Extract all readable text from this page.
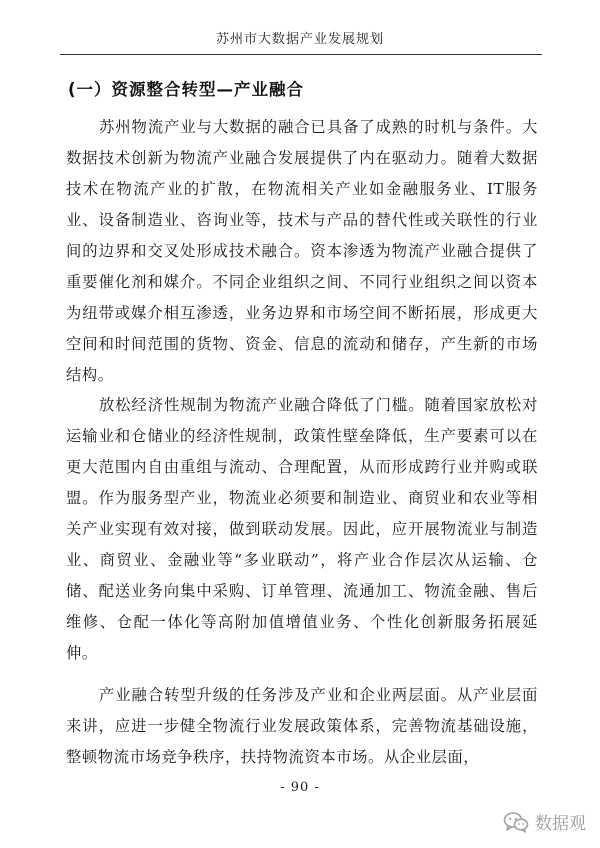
苏州市大数据产业发展规划
(一）资源整合转型—产业融合

苏州物流产业与大数据的融合已具备了成熟的时机与条件。大数据技术创新为物流产业融合发展提供了内在驱动力。随着大数据技术在物流产业的扩散，在物流相关产业如金融服务业、IT服务业、设备制造业、咨询业等，技术与产品的替代性或关联性的行业间的边界和交叉处形成技术融合。资本渗透为物流产业融合提供了重要催化剂和媒介。不同企业组织之间、不同行业组织之间以资本为纽带或媒介相互渗透，业务边界和市场空间不断拓展，形成更大空间和时间范围的货物、资金、信息的流动和储存，产生新的市场结构。

放松经济性规制为物流产业融合降低了门槛。随着国家放松对运输业和仓储业的经济性规制，政策性壁垒降低，生产要素可以在更大范围内自由重组与流动、合理配置，从而形成跨行业并购或联盟。作为服务型产业，物流业必须要和制造业、商贸业和农业等相关产业实现有效对接，做到联动发展。因此，应开展物流业与制造业、商贸业、金融业等“多业联动”，将产业合作层次从运输、仓储、配送业务向集中采购、订单管理、流通加工、物流金融、售后维修、仓配一体化等高附加值增值业务、个性化创新服务拓展延伸。

产业融合转型升级的任务涉及产业和企业两层面。从产业层面来讲，应进一步健全物流行业发展政策体系，完善物流基础设施，整顿物流市场竞争秩序，扶持物流资本市场。从企业层面，

- 90 -
数据观
